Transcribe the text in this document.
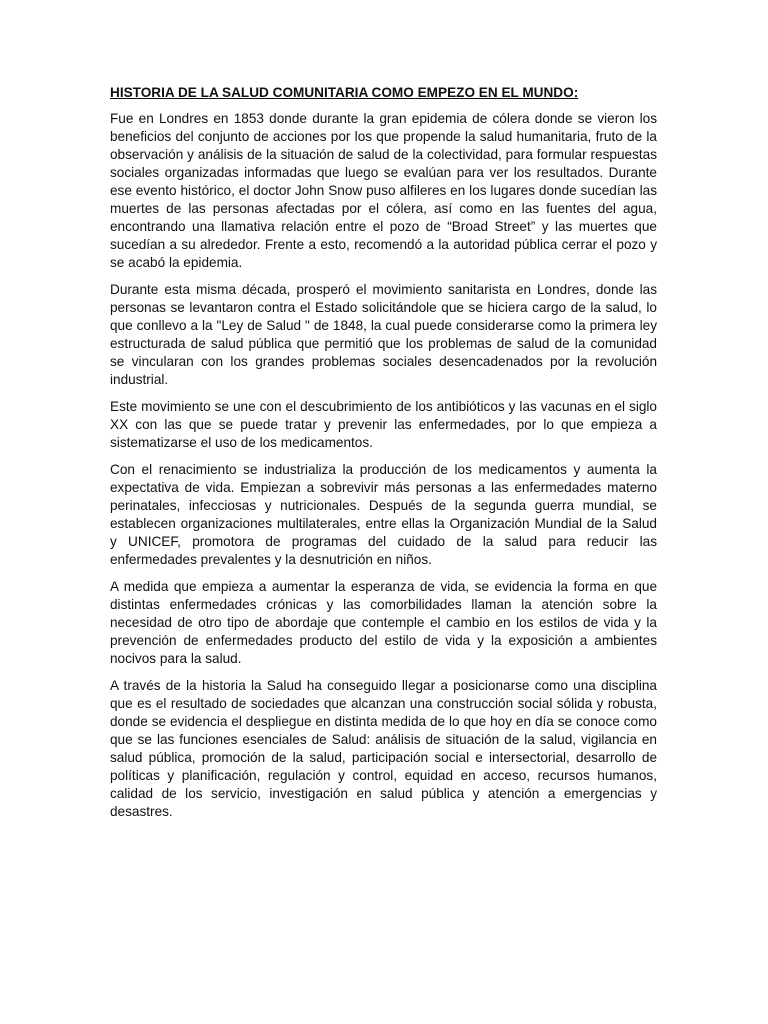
HISTORIA DE LA SALUD COMUNITARIA COMO EMPEZO EN EL MUNDO:

Fue en Londres en 1853 donde durante la gran epidemia de cólera donde se vieron los beneficios del conjunto de acciones por los que propende la salud humanitaria, fruto de la observación y análisis de la situación de salud de la colectividad, para formular respuestas sociales organizadas informadas que luego se evalúan para ver los resultados. Durante ese evento histórico, el doctor John Snow puso alfileres en los lugares donde sucedían las muertes de las personas afectadas por el cólera, así como en las fuentes del agua, encontrando una llamativa relación entre el pozo de “Broad Street” y las muertes que sucedían a su alrededor. Frente a esto, recomendó a la autoridad pública cerrar el pozo y se acabó la epidemia.

Durante esta misma década, prosperó el movimiento sanitarista en Londres, donde las personas se levantaron contra el Estado solicitándole que se hiciera cargo de la salud, lo que conllevo a la "Ley de Salud " de 1848, la cual puede considerarse como la primera ley estructurada de salud pública que permitió que los problemas de salud de la comunidad se vincularan con los grandes problemas sociales desencadenados por la revolución industrial.

Este movimiento se une con el descubrimiento de los antibióticos y las vacunas en el siglo XX con las que se puede tratar y prevenir las enfermedades, por lo que empieza a sistematizarse el uso de los medicamentos.

Con el renacimiento se industrializa la producción de los medicamentos y aumenta la expectativa de vida. Empiezan a sobrevivir más personas a las enfermedades materno perinatales, infecciosas y nutricionales. Después de la segunda guerra mundial, se establecen organizaciones multilaterales, entre ellas la Organización Mundial de la Salud y UNICEF, promotora de programas del cuidado de la salud para reducir las enfermedades prevalentes y la desnutrición en niños.

A medida que empieza a aumentar la esperanza de vida, se evidencia la forma en que distintas enfermedades crónicas y las comorbilidades llaman la atención sobre la necesidad de otro tipo de abordaje que contemple el cambio en los estilos de vida y la prevención de enfermedades producto del estilo de vida y la exposición a ambientes nocivos para la salud.

A través de la historia la Salud ha conseguido llegar a posicionarse como una disciplina que es el resultado de sociedades que alcanzan una construcción social sólida y robusta, donde se evidencia el despliegue en distinta medida de lo que hoy en día se conoce como que se las funciones esenciales de Salud: análisis de situación de la salud, vigilancia en salud pública, promoción de la salud, participación social e intersectorial, desarrollo de políticas y planificación, regulación y control, equidad en acceso, recursos humanos, calidad de los servicio, investigación en salud pública y atención a emergencias y desastres.
